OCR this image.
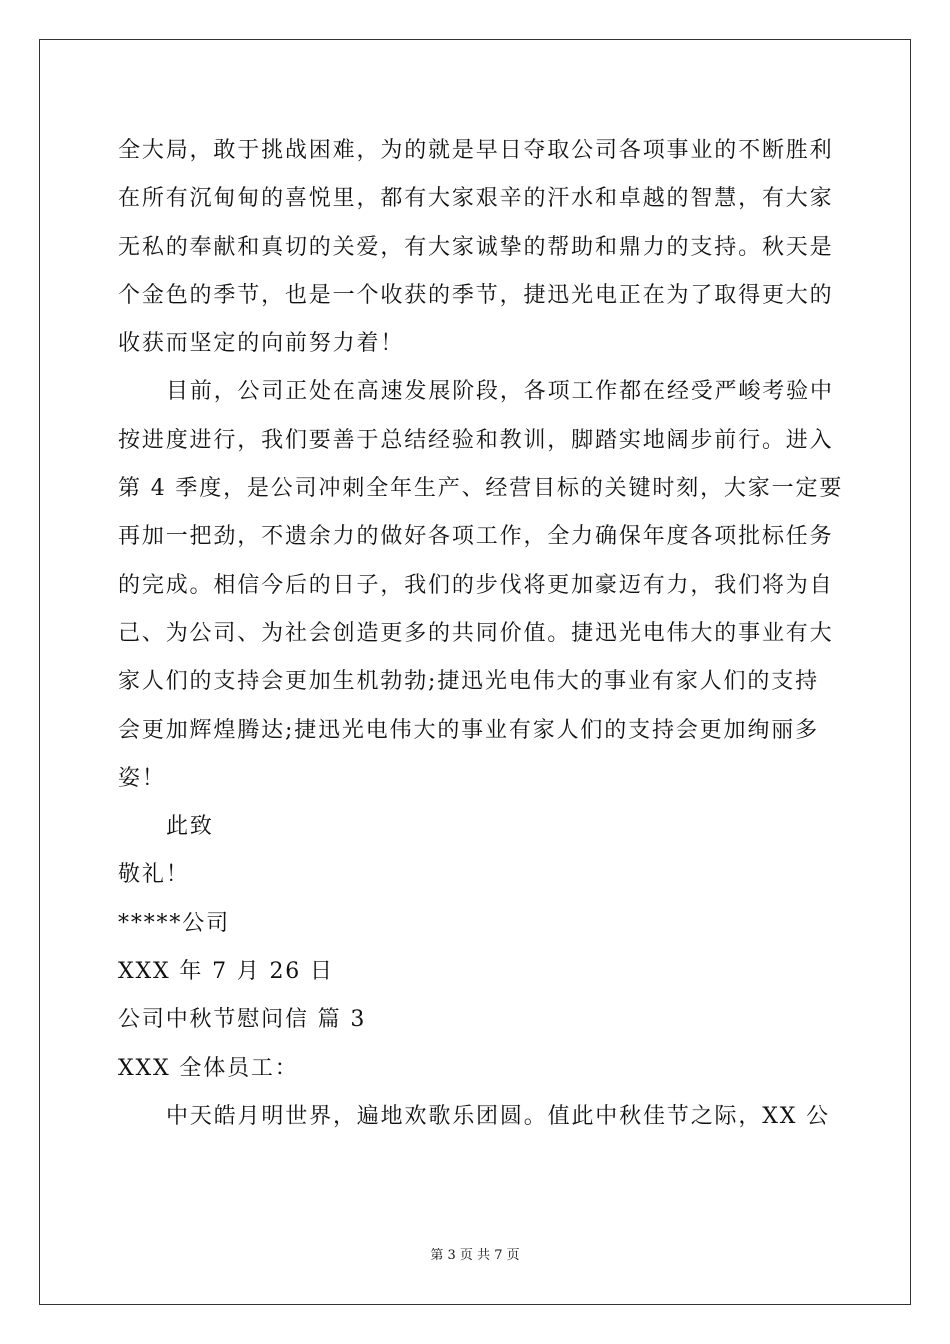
全大局，敢于挑战困难，为的就是早日夺取公司各项事业的不断胜利
在所有沉甸甸的喜悦里，都有大家艰辛的汗水和卓越的智慧，有大家
无私的奉献和真切的关爱，有大家诚挚的帮助和鼎力的支持。秋天是
个金色的季节，也是一个收获的季节，捷迅光电正在为了取得更大的
收获而坚定的向前努力着！
目前，公司正处在高速发展阶段，各项工作都在经受严峻考验中
按进度进行，我们要善于总结经验和教训，脚踏实地阔步前行。进入
第 4 季度，是公司冲刺全年生产、经营目标的关键时刻，大家一定要
再加一把劲，不遗余力的做好各项工作，全力确保年度各项批标任务
的完成。相信今后的日子，我们的步伐将更加豪迈有力，我们将为自
己、为公司、为社会创造更多的共同价值。捷迅光电伟大的事业有大
家人们的支持会更加生机勃勃;捷迅光电伟大的事业有家人们的支持
会更加辉煌腾达;捷迅光电伟大的事业有家人们的支持会更加绚丽多
姿！
此致
敬礼！
*****公司
XXX 年 7 月 26 日
公司中秋节慰问信 篇 3
XXX 全体员工：
中天皓月明世界，遍地欢歌乐团圆。值此中秋佳节之际，XX 公
第 3 页 共 7 页
